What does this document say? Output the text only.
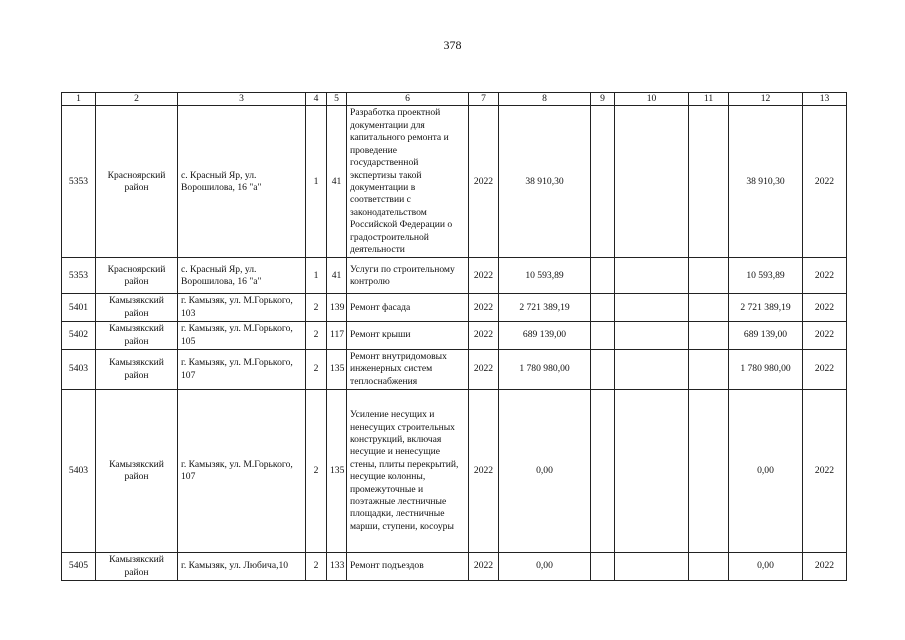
378
1	2	3	4	5	6	7	8	9	10	11	12	13
5353	Красноярский район	с. Красный Яр, ул. Ворошилова, 16 "а"	1	41	Разработка проектной документации для капитального ремонта и проведение государственной экспертизы такой документации в соответствии с законодательством Российской Федерации о градостроительной деятельности	2022	38 910,30				38 910,30	2022
5353	Красноярский район	с. Красный Яр, ул. Ворошилова, 16 "а"	1	41	Услуги по строительному контролю	2022	10 593,89				10 593,89	2022
5401	Камызякский район	г. Камызяк, ул. М.Горького, 103	2	139	Ремонт фасада	2022	2 721 389,19				2 721 389,19	2022
5402	Камызякский район	г. Камызяк, ул. М.Горького, 105	2	117	Ремонт крыши	2022	689 139,00				689 139,00	2022
5403	Камызякский район	г. Камызяк, ул. М.Горького, 107	2	135	Ремонт внутридомовых инженерных систем теплоснабжения	2022	1 780 980,00				1 780 980,00	2022
5403	Камызякский район	г. Камызяк, ул. М.Горького, 107	2	135	Усиление несущих и ненесущих строительных конструкций, включая несущие и ненесущие стены, плиты перекрытий, несущие колонны, промежуточные и поэтажные лестничные площадки, лестничные марши, ступени, косоуры	2022	0,00				0,00	2022
5405	Камызякский район	г. Камызяк, ул. Любича,10	2	133	Ремонт подъездов	2022	0,00				0,00	2022
